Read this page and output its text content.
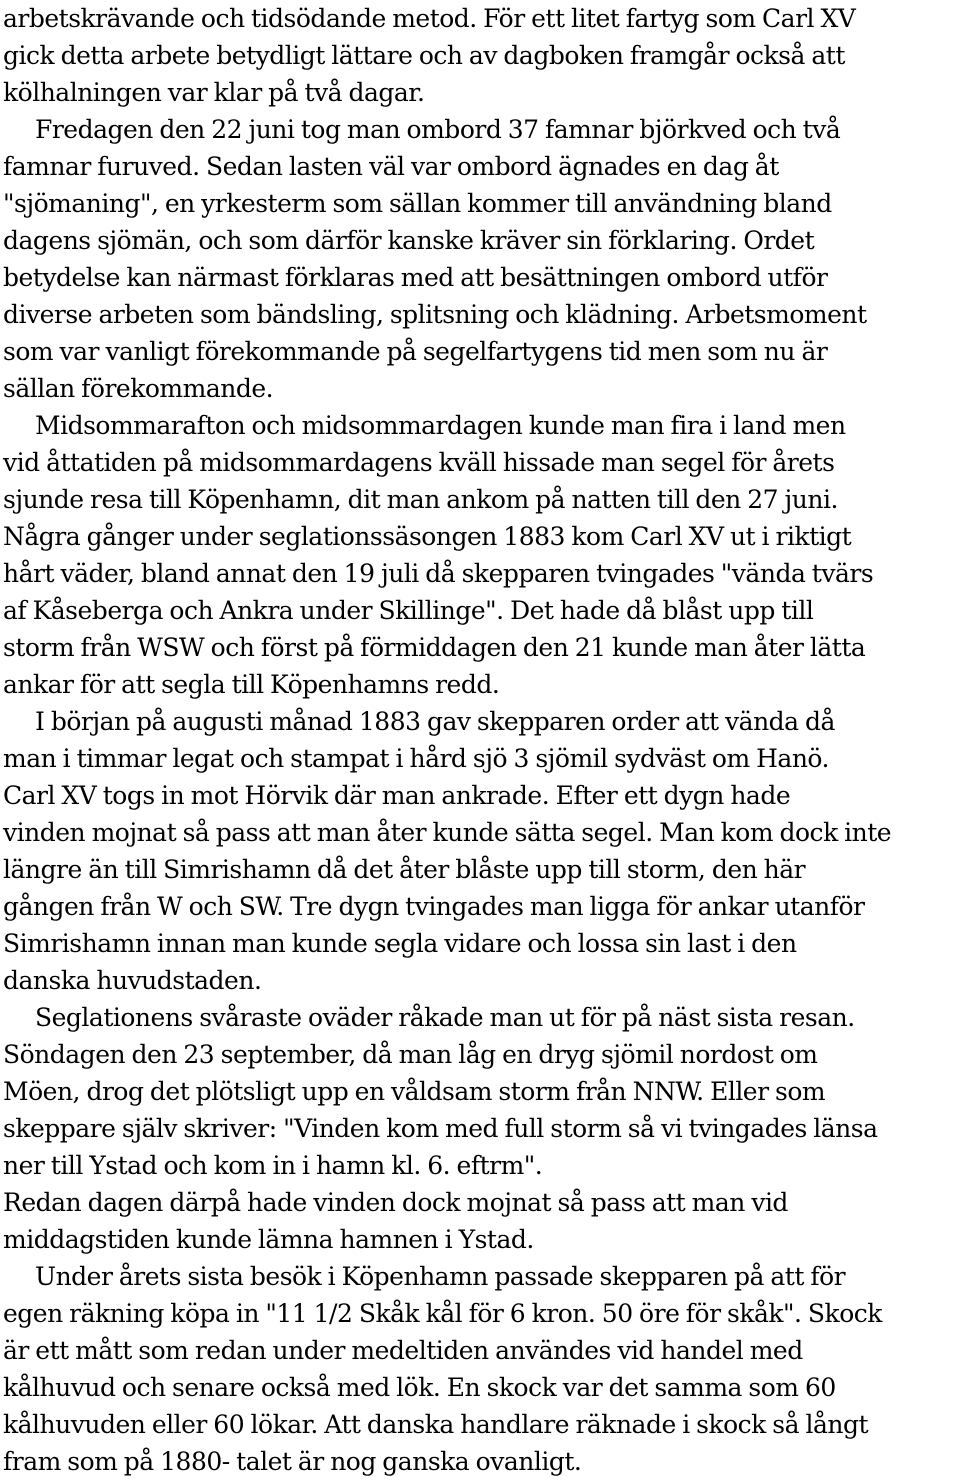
arbetskrävande och tidsödande metod. För ett litet fartyg som Carl XV
gick detta arbete betydligt lättare och av dagboken framgår också att
kölhalningen var klar på två dagar.
Fredagen den 22 juni tog man ombord 37 famnar björkved och två
famnar furuved. Sedan lasten väl var ombord ägnades en dag åt
"sjömaning", en yrkesterm som sällan kommer till användning bland
dagens sjömän, och som därför kanske kräver sin förklaring. Ordet
betydelse kan närmast förklaras med att besättningen ombord utför
diverse arbeten som bändsling, splitsning och klädning. Arbetsmoment
som var vanligt förekommande på segelfartygens tid men som nu är
sällan förekommande.
Midsommarafton och midsommardagen kunde man fira i land men
vid åttatiden på midsommardagens kväll hissade man segel för årets
sjunde resa till Köpenhamn, dit man ankom på natten till den 27 juni.
Några gånger under seglationssäsongen 1883 kom Carl XV ut i riktigt
hårt väder, bland annat den 19 juli då skepparen tvingades "vända tvärs
af Kåseberga och Ankra under Skillinge". Det hade då blåst upp till
storm från WSW och först på förmiddagen den 21 kunde man åter lätta
ankar för att segla till Köpenhamns redd.
I början på augusti månad 1883 gav skepparen order att vända då
man i timmar legat och stampat i hård sjö 3 sjömil sydväst om Hanö.
Carl XV togs in mot Hörvik där man ankrade. Efter ett dygn hade
vinden mojnat så pass att man åter kunde sätta segel. Man kom dock inte
längre än till Simrishamn då det åter blåste upp till storm, den här
gången från W och SW. Tre dygn tvingades man ligga för ankar utanför
Simrishamn innan man kunde segla vidare och lossa sin last i den
danska huvudstaden.
Seglationens svåraste oväder råkade man ut för på näst sista resan.
Söndagen den 23 september, då man låg en dryg sjömil nordost om
Möen, drog det plötsligt upp en våldsam storm från NNW. Eller som
skeppare själv skriver: "Vinden kom med full storm så vi tvingades länsa
ner till Ystad och kom in i hamn kl. 6. eftrm".
Redan dagen därpå hade vinden dock mojnat så pass att man vid
middagstiden kunde lämna hamnen i Ystad.
Under årets sista besök i Köpenhamn passade skepparen på att för
egen räkning köpa in "11 1/2 Skåk kål för 6 kron. 50 öre för skåk". Skock
är ett mått som redan under medeltiden användes vid handel med
kålhuvud och senare också med lök. En skock var det samma som 60
kålhuvuden eller 60 lökar. Att danska handlare räknade i skock så långt
fram som på 1880- talet är nog ganska ovanligt.
